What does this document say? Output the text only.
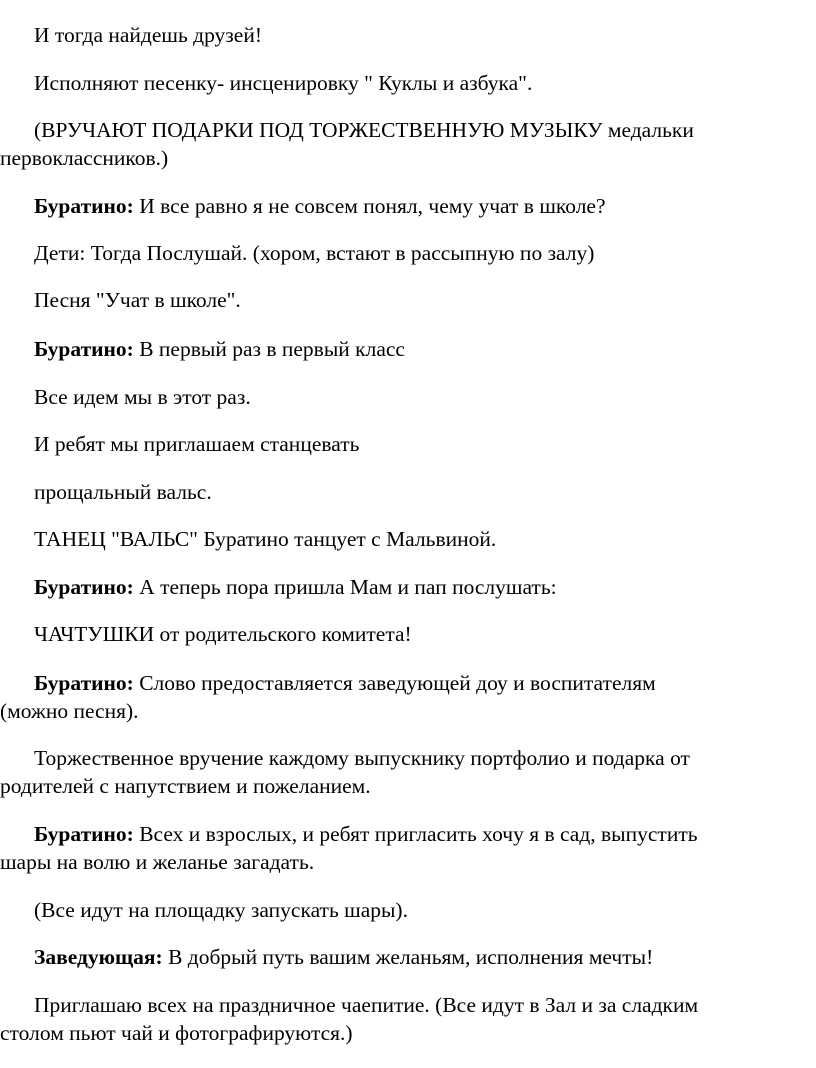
И тогда найдешь друзей!

Исполняют песенку- инсценировку " Куклы и азбука".

(ВРУЧАЮТ ПОДАРКИ ПОД ТОРЖЕСТВЕННУЮ МУЗЫКУ медальки
первоклассников.)

Буратино: И все равно я не совсем понял, чему учат в школе?

Дети: Тогда Послушай. (хором, встают в рассыпную по залу)

Песня "Учат в школе".

Буратино: В первый раз в первый класс

Все идем мы в этот раз.

И ребят мы приглашаем станцевать

прощальный вальс.

ТАНЕЦ "ВАЛЬС" Буратино танцует с Мальвиной.

Буратино: А теперь пора пришла Мам и пап послушать:

ЧАЧТУШКИ от родительского комитета!

Буратино: Слово предоставляется заведующей доу и воспитателям
(можно песня).

Торжественное вручение каждому выпускнику портфолио и подарка от
родителей с напутствием и пожеланием.

Буратино: Всех и взрослых, и ребят пригласить хочу я в сад, выпустить
шары на волю и желанье загадать.

(Все идут на площадку запускать шары).

Заведующая: В добрый путь вашим желаньям, исполнения мечты!

Приглашаю всех на праздничное чаепитие. (Все идут в Зал и за сладким
столом пьют чай и фотографируются.)
